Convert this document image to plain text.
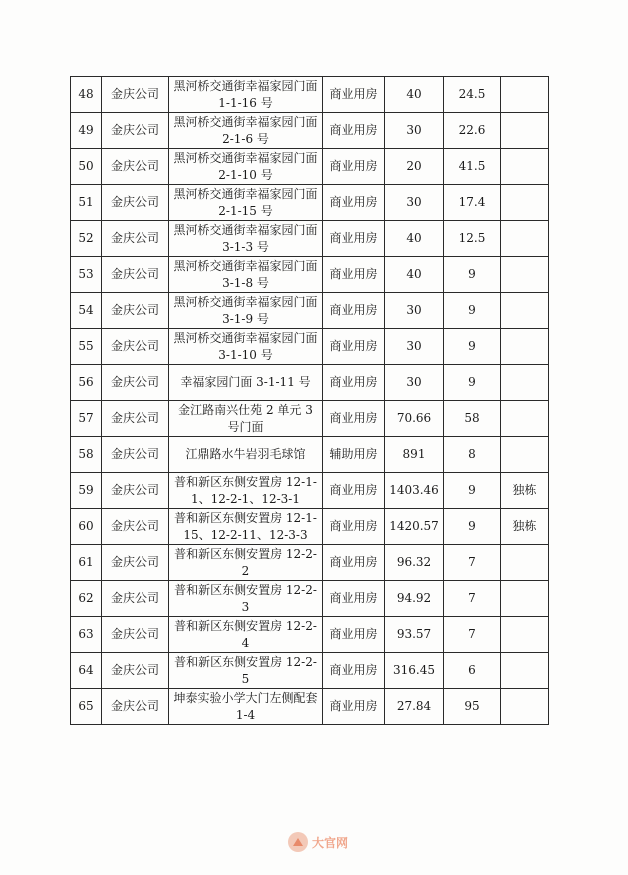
48	金庆公司	黑河桥交通街幸福家园门面 1-1-16 号	商业用房	40	24.5	
49	金庆公司	黑河桥交通街幸福家园门面 2-1-6 号	商业用房	30	22.6	
50	金庆公司	黑河桥交通街幸福家园门面 2-1-10 号	商业用房	20	41.5	
51	金庆公司	黑河桥交通街幸福家园门面 2-1-15 号	商业用房	30	17.4	
52	金庆公司	黑河桥交通街幸福家园门面 3-1-3 号	商业用房	40	12.5	
53	金庆公司	黑河桥交通街幸福家园门面 3-1-8 号	商业用房	40	9	
54	金庆公司	黑河桥交通街幸福家园门面 3-1-9 号	商业用房	30	9	
55	金庆公司	黑河桥交通街幸福家园门面 3-1-10 号	商业用房	30	9	
56	金庆公司	幸福家园门面 3-1-11 号	商业用房	30	9	
57	金庆公司	金江路南兴仕苑 2 单元 3 号门面	商业用房	70.66	58	
58	金庆公司	江鼎路水牛岩羽毛球馆	辅助用房	891	8	
59	金庆公司	普和新区东侧安置房 12-1-1、12-2-1、12-3-1	商业用房	1403.46	9	独栋
60	金庆公司	普和新区东侧安置房 12-1-15、12-2-11、12-3-3	商业用房	1420.57	9	独栋
61	金庆公司	普和新区东侧安置房 12-2-2	商业用房	96.32	7	
62	金庆公司	普和新区东侧安置房 12-2-3	商业用房	94.92	7	
63	金庆公司	普和新区东侧安置房 12-2-4	商业用房	93.57	7	
64	金庆公司	普和新区东侧安置房 12-2-5	商业用房	316.45	6	
65	金庆公司	坤泰实验小学大门左侧配套 1-4	商业用房	27.84	95	
大官网
